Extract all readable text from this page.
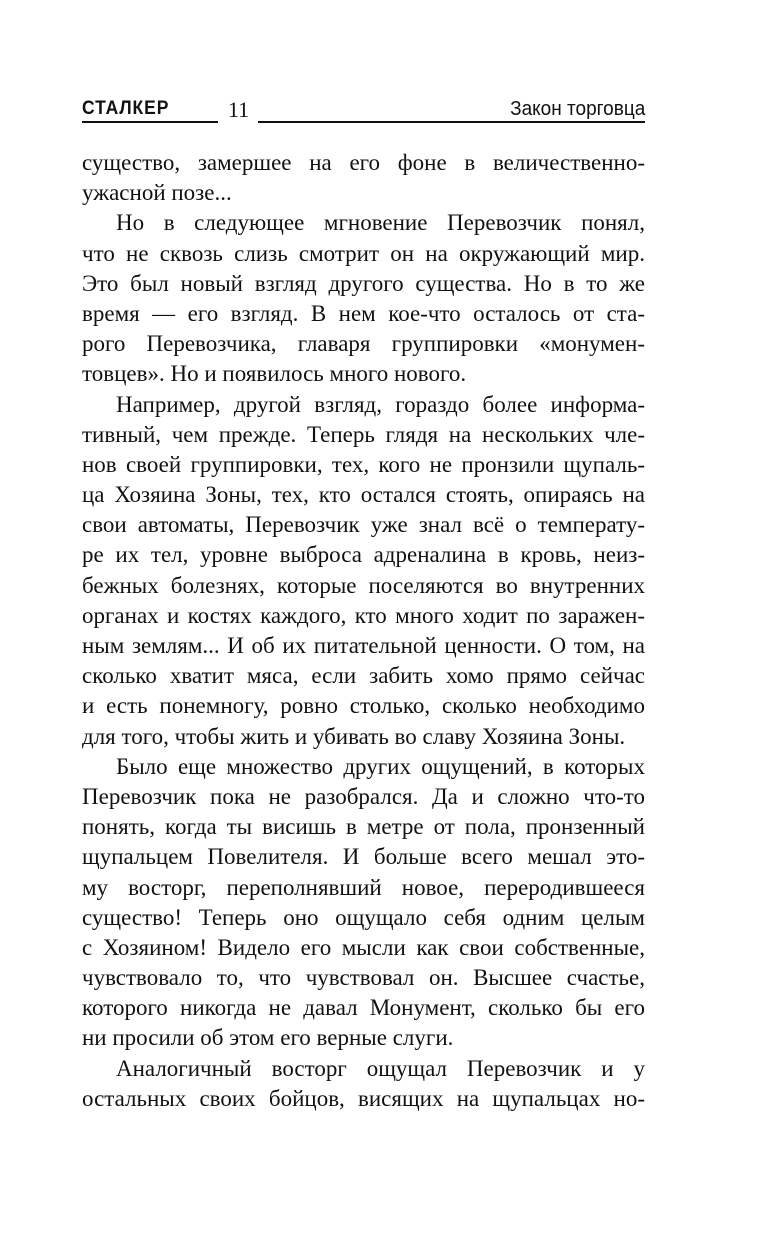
СТАЛКЕР	11	Закон торговца
существо, замершее на его фоне в величественно-
ужасной позе...
Но в следующее мгновение Перевозчик понял,
что не сквозь слизь смотрит он на окружающий мир.
Это был новый взгляд другого существа. Но в то же
время — его взгляд. В нем кое-что осталось от ста-
рого Перевозчика, главаря группировки «монумен-
товцев». Но и появилось много нового.
Например, другой взгляд, гораздо более информа-
тивный, чем прежде. Теперь глядя на нескольких чле-
нов своей группировки, тех, кого не пронзили щупаль-
ца Хозяина Зоны, тех, кто остался стоять, опираясь на
свои автоматы, Перевозчик уже знал всё о температу-
ре их тел, уровне выброса адреналина в кровь, неиз-
бежных болезнях, которые поселяются во внутренних
органах и костях каждого, кто много ходит по заражен-
ным землям... И об их питательной ценности. О том, на
сколько хватит мяса, если забить хомо прямо сейчас
и есть понемногу, ровно столько, сколько необходимо
для того, чтобы жить и убивать во славу Хозяина Зоны.
Было еще множество других ощущений, в которых
Перевозчик пока не разобрался. Да и сложно что-то
понять, когда ты висишь в метре от пола, пронзенный
щупальцем Повелителя. И больше всего мешал это-
му восторг, переполнявший новое, переродившееся
существо! Теперь оно ощущало себя одним целым
с Хозяином! Видело его мысли как свои собственные,
чувствовало то, что чувствовал он. Высшее счастье,
которого никогда не давал Монумент, сколько бы его
ни просили об этом его верные слуги.
Аналогичный восторг ощущал Перевозчик и у
остальных своих бойцов, висящих на щупальцах но-
